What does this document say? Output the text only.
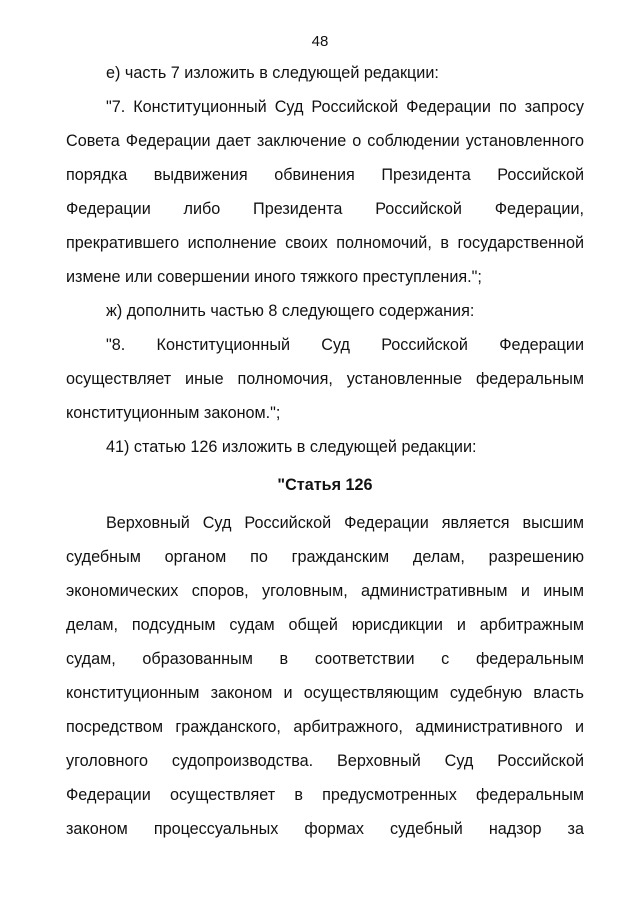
48
е) часть 7 изложить в следующей редакции:
"7. Конституционный Суд Российской Федерации по запросу
Совета Федерации дает заключение о соблюдении установленного
порядка выдвижения обвинения Президента Российской
Федерации либо Президента Российской Федерации,
прекратившего исполнение своих полномочий, в государственной
измене или совершении иного тяжкого преступления.";
ж) дополнить частью 8 следующего содержания:
"8. Конституционный Суд Российской Федерации
осуществляет иные полномочия, установленные федеральным
конституционным законом.";
41) статью 126 изложить в следующей редакции:
"Статья 126
Верховный Суд Российской Федерации является высшим
судебным органом по гражданским делам, разрешению
экономических споров, уголовным, административным и иным
делам, подсудным судам общей юрисдикции и арбитражным
судам, образованным в соответствии с федеральным
конституционным законом и осуществляющим судебную власть
посредством гражданского, арбитражного, административного и
уголовного судопроизводства. Верховный Суд Российской
Федерации осуществляет в предусмотренных федеральным
законом процессуальных формах судебный надзор за
